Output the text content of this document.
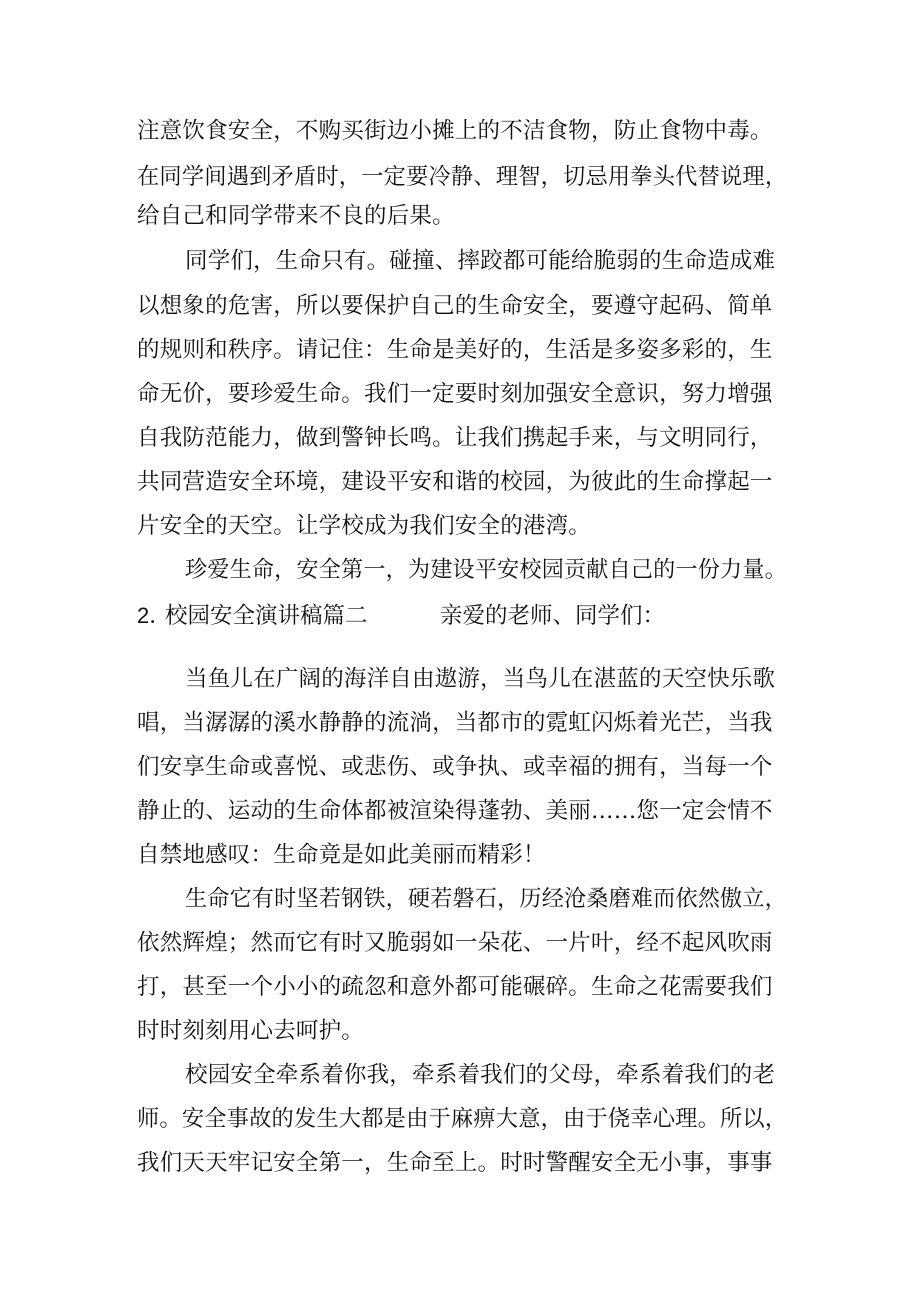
注意饮食安全，不购买街边小摊上的不洁食物，防止食物中毒。
在同学间遇到矛盾时，一定要冷静、理智，切忌用拳头代替说理，
给自己和同学带来不良的后果。
同学们，生命只有。碰撞、摔跤都可能给脆弱的生命造成难
以想象的危害，所以要保护自己的生命安全，要遵守起码、简单
的规则和秩序。请记住：生命是美好的，生活是多姿多彩的，生
命无价，要珍爱生命。我们一定要时刻加强安全意识，努力增强
自我防范能力，做到警钟长鸣。让我们携起手来，与文明同行，
共同营造安全环境，建设平安和谐的校园，为彼此的生命撑起一
片安全的天空。让学校成为我们安全的港湾。
珍爱生命，安全第一，为建设平安校园贡献自己的一份力量。
2．
校园安全演讲稿篇二	亲爱的老师、同学们：
当鱼儿在广阔的海洋自由遨游，当鸟儿在湛蓝的天空快乐歌
唱，当潺潺的溪水静静的流淌，当都市的霓虹闪烁着光芒，当我
们安享生命或喜悦、或悲伤、或争执、或幸福的拥有，当每一个
静止的、运动的生命体都被渲染得蓬勃、美丽……您一定会情不
自禁地感叹：生命竟是如此美丽而精彩！
生命它有时坚若钢铁，硬若磐石，历经沧桑磨难而依然傲立，
依然辉煌；然而它有时又脆弱如一朵花、一片叶，经不起风吹雨
打，甚至一个小小的疏忽和意外都可能碾碎。生命之花需要我们
时时刻刻用心去呵护。
校园安全牵系着你我，牵系着我们的父母，牵系着我们的老
师。安全事故的发生大都是由于麻痹大意，由于侥幸心理。所以，
我们天天牢记安全第一，生命至上。时时警醒安全无小事，事事
